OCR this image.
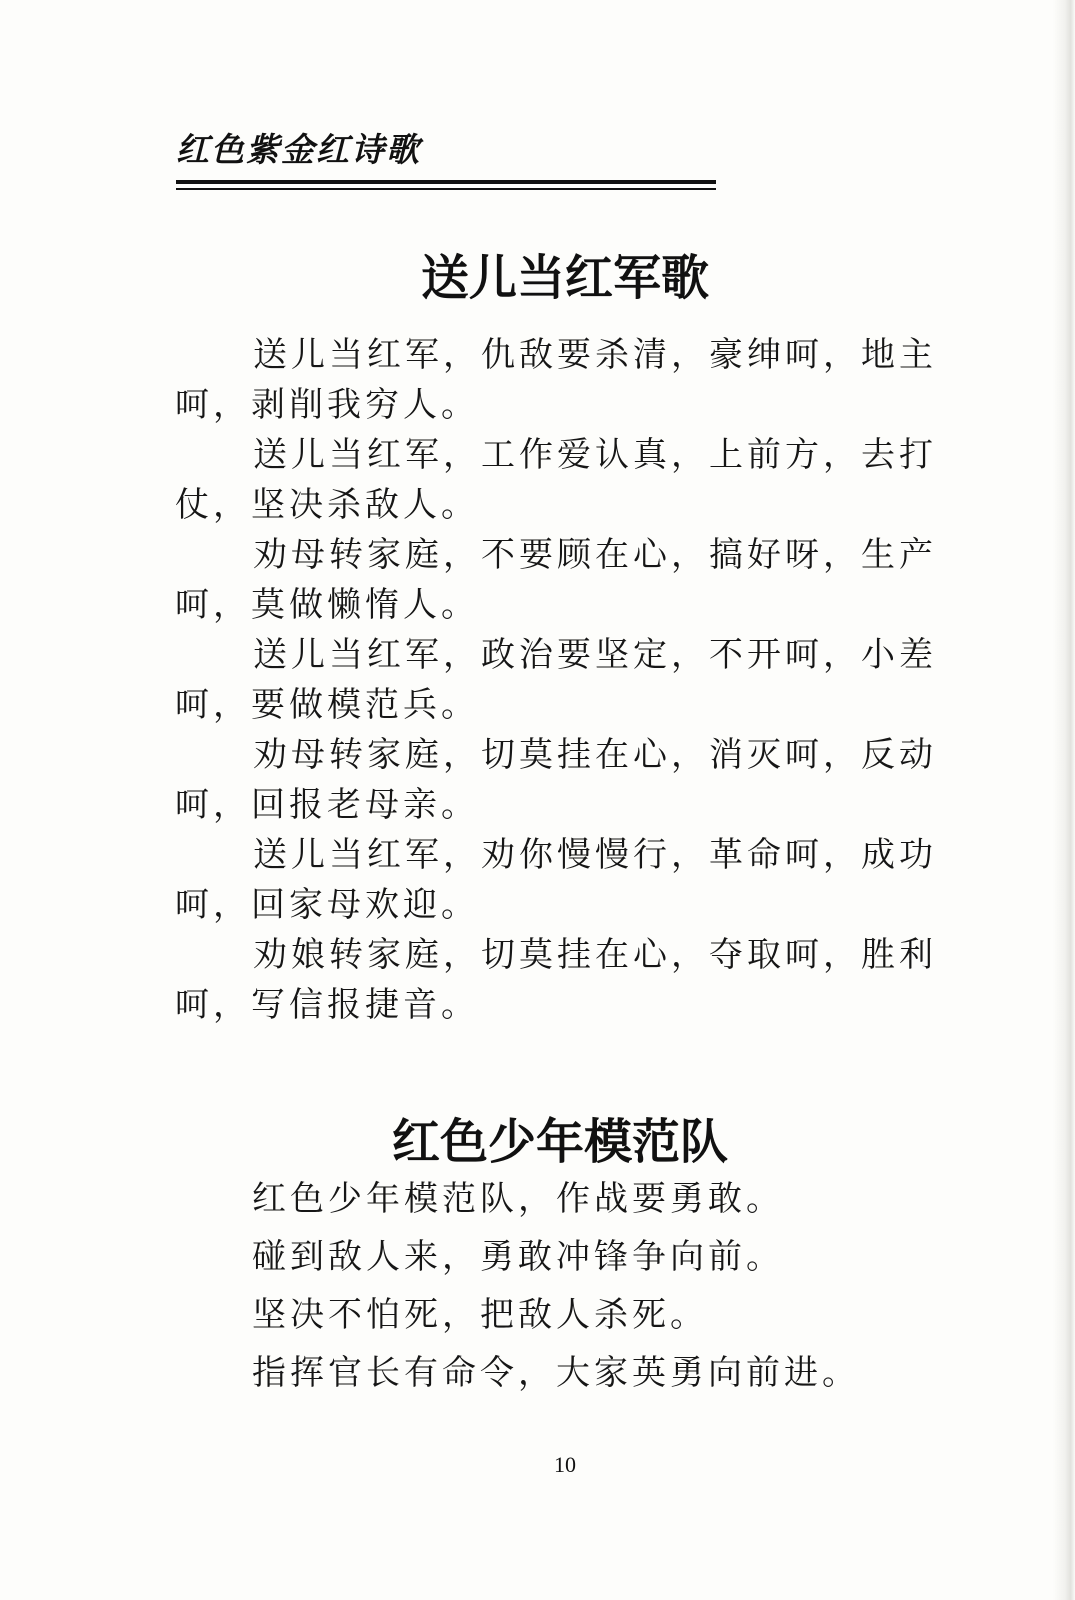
红色紫金红诗歌
送儿当红军歌

送儿当红军，仇敌要杀清，豪绅呵，地主
呵，剥削我穷人。

送儿当红军，工作爱认真，上前方，去打
仗，坚决杀敌人。

劝母转家庭，不要顾在心，搞好呀，生产
呵，莫做懒惰人。

送儿当红军，政治要坚定，不开呵，小差
呵，要做模范兵。

劝母转家庭，切莫挂在心，消灭呵，反动
呵，回报老母亲。

送儿当红军，劝你慢慢行，革命呵，成功
呵，回家母欢迎。

劝娘转家庭，切莫挂在心，夺取呵，胜利
呵，写信报捷音。

红色少年模范队
红色少年模范队，作战要勇敢。
碰到敌人来，勇敢冲锋争向前。
坚决不怕死，把敌人杀死。
指挥官长有命令，大家英勇向前进。
10
